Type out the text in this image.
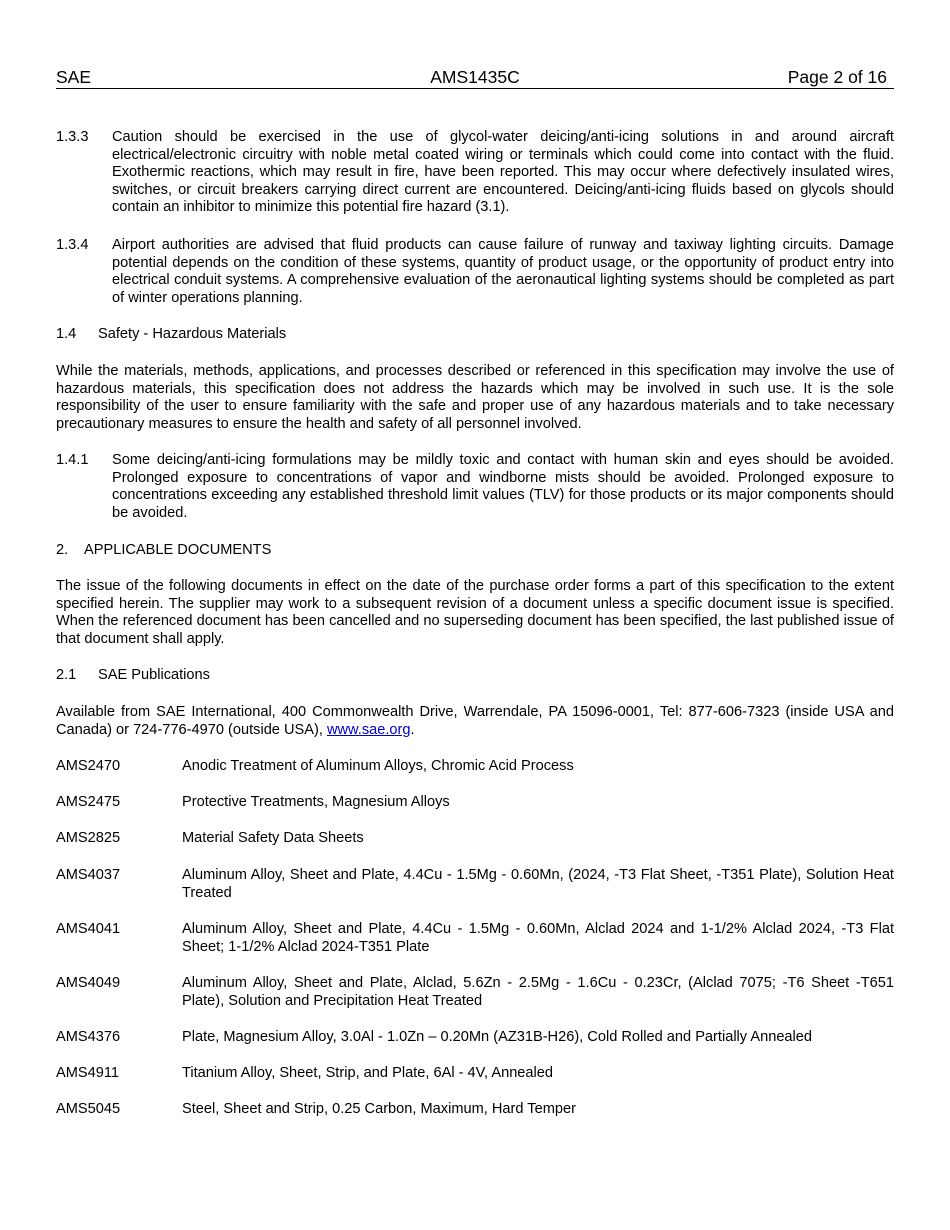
SAE	AMS1435C	Page 2 of 16
1.3.3	Caution should be exercised in the use of glycol-water deicing/anti-icing solutions in and around aircraft electrical/electronic circuitry with noble metal coated wiring or terminals which could come into contact with the fluid. Exothermic reactions, which may result in fire, have been reported. This may occur where defectively insulated wires, switches, or circuit breakers carrying direct current are encountered. Deicing/anti-icing fluids based on glycols should contain an inhibitor to minimize this potential fire hazard (3.1).
1.3.4	Airport authorities are advised that fluid products can cause failure of runway and taxiway lighting circuits. Damage potential depends on the condition of these systems, quantity of product usage, or the opportunity of product entry into electrical conduit systems. A comprehensive evaluation of the aeronautical lighting systems should be completed as part of winter operations planning.
1.4	Safety - Hazardous Materials
While the materials, methods, applications, and processes described or referenced in this specification may involve the use of hazardous materials, this specification does not address the hazards which may be involved in such use. It is the sole responsibility of the user to ensure familiarity with the safe and proper use of any hazardous materials and to take necessary precautionary measures to ensure the health and safety of all personnel involved.
1.4.1	Some deicing/anti-icing formulations may be mildly toxic and contact with human skin and eyes should be avoided. Prolonged exposure to concentrations of vapor and windborne mists should be avoided. Prolonged exposure to concentrations exceeding any established threshold limit values (TLV) for those products or its major components should be avoided.
2.	APPLICABLE DOCUMENTS
The issue of the following documents in effect on the date of the purchase order forms a part of this specification to the extent specified herein. The supplier may work to a subsequent revision of a document unless a specific document issue is specified. When the referenced document has been cancelled and no superseding document has been specified, the last published issue of that document shall apply.
2.1	SAE Publications
Available from SAE International, 400 Commonwealth Drive, Warrendale, PA 15096-0001, Tel: 877-606-7323 (inside USA and Canada) or 724-776-4970 (outside USA), www.sae.org.
AMS2470	Anodic Treatment of Aluminum Alloys, Chromic Acid Process
AMS2475	Protective Treatments, Magnesium Alloys
AMS2825	Material Safety Data Sheets
AMS4037	Aluminum Alloy, Sheet and Plate, 4.4Cu - 1.5Mg - 0.60Mn, (2024, -T3 Flat Sheet, -T351 Plate), Solution Heat Treated
AMS4041	Aluminum Alloy, Sheet and Plate, 4.4Cu - 1.5Mg - 0.60Mn, Alclad 2024 and 1-1/2% Alclad 2024, -T3 Flat Sheet; 1-1/2% Alclad 2024-T351 Plate
AMS4049	Aluminum Alloy, Sheet and Plate, Alclad, 5.6Zn - 2.5Mg - 1.6Cu - 0.23Cr, (Alclad 7075; -T6 Sheet -T651 Plate), Solution and Precipitation Heat Treated
AMS4376	Plate, Magnesium Alloy, 3.0Al - 1.0Zn – 0.20Mn (AZ31B-H26), Cold Rolled and Partially Annealed
AMS4911	Titanium Alloy, Sheet, Strip, and Plate, 6Al - 4V, Annealed
AMS5045	Steel, Sheet and Strip, 0.25 Carbon, Maximum, Hard Temper
